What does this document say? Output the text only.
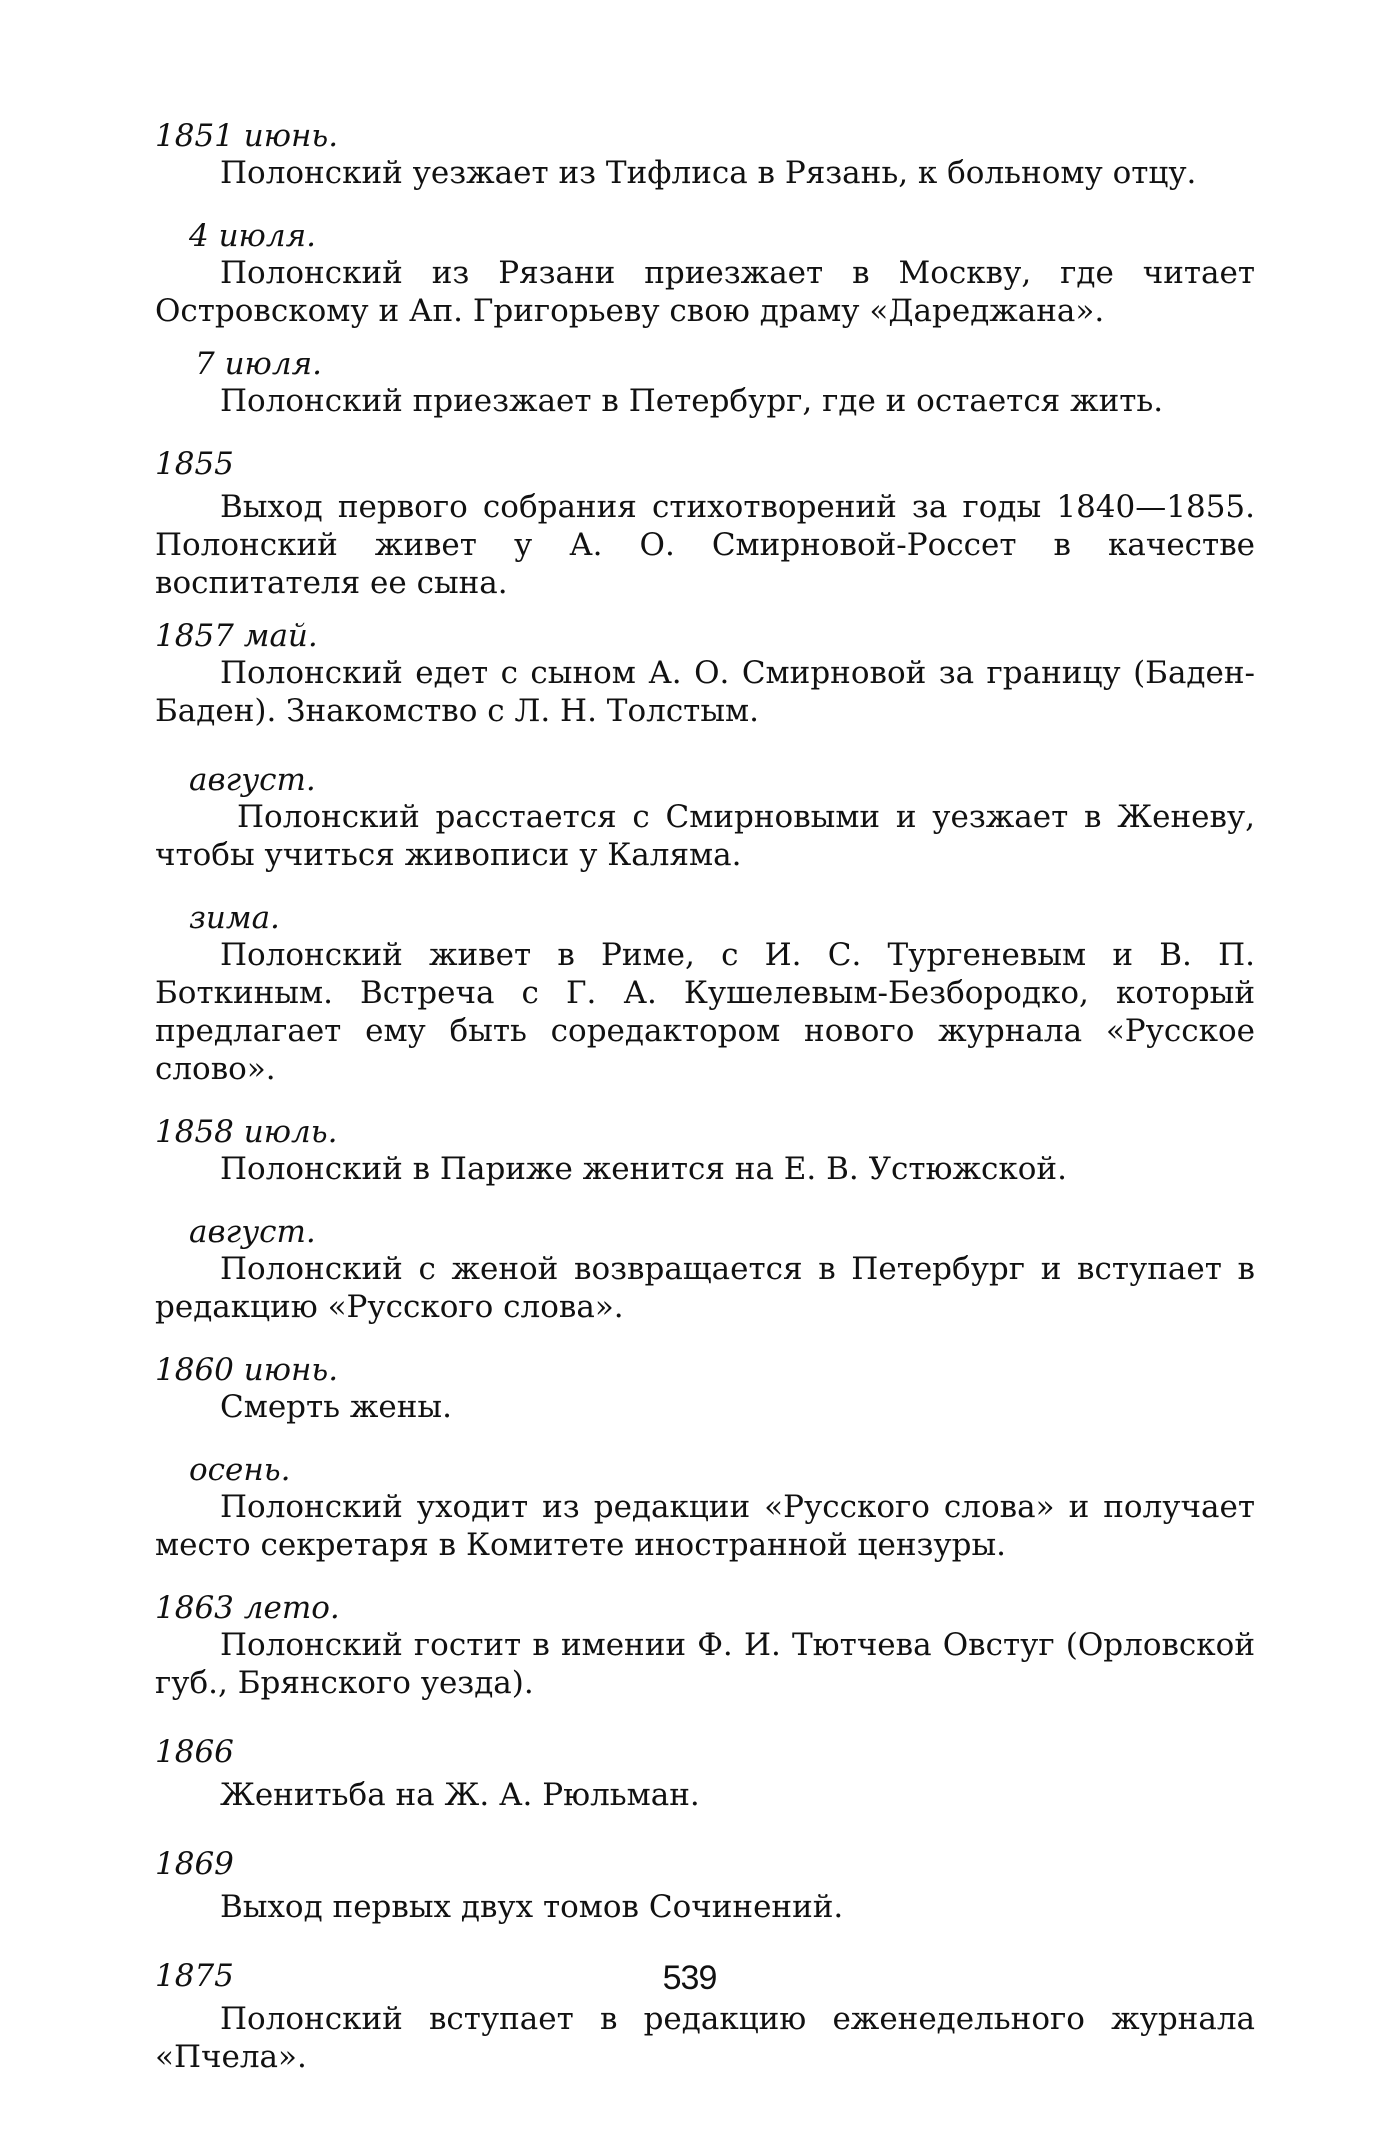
1851 июнь.

Полонский уезжает из Тифлиса в Рязань, к больному отцу.

4 июля.

Полонский из Рязани приезжает в Москву, где читает Островскому и Ап. Григорьеву свою драму «Дареджана».

7 июля.

Полонский приезжает в Петербург, где и остается жить.

1855

Выход первого собрания стихотворений за годы 1840—1855. Полонский живет у А. О. Смирновой-Россет в качестве воспитателя ее сына.

1857 май.

Полонский едет с сыном А. О. Смирновой за границу (Баден-Баден). Знакомство с Л. Н. Толстым.

август.

Полонский расстается с Смирновыми и уезжает в Женеву, чтобы учиться живописи у Каляма.

зима.

Полонский живет в Риме, с И. С. Тургеневым и В. П. Боткиным. Встреча с Г. А. Кушелевым-Безбородко, который предлагает ему быть соредактором нового журнала «Русское слово».

1858 июль.

Полонский в Париже женится на Е. В. Устюжской.

август.

Полонский с женой возвращается в Петербург и вступает в редакцию «Русского слова».

1860 июнь.

Смерть жены.

осень.

Полонский уходит из редакции «Русского слова» и получает место секретаря в Комитете иностранной цензуры.

1863 лето.

Полонский гостит в имении Ф. И. Тютчева Овстуг (Орловской губ., Брянского уезда).

1866

Женитьба на Ж. А. Рюльман.

1869

Выход первых двух томов Сочинений.

1875

Полонский вступает в редакцию еженедельного журнала «Пчела».

539
